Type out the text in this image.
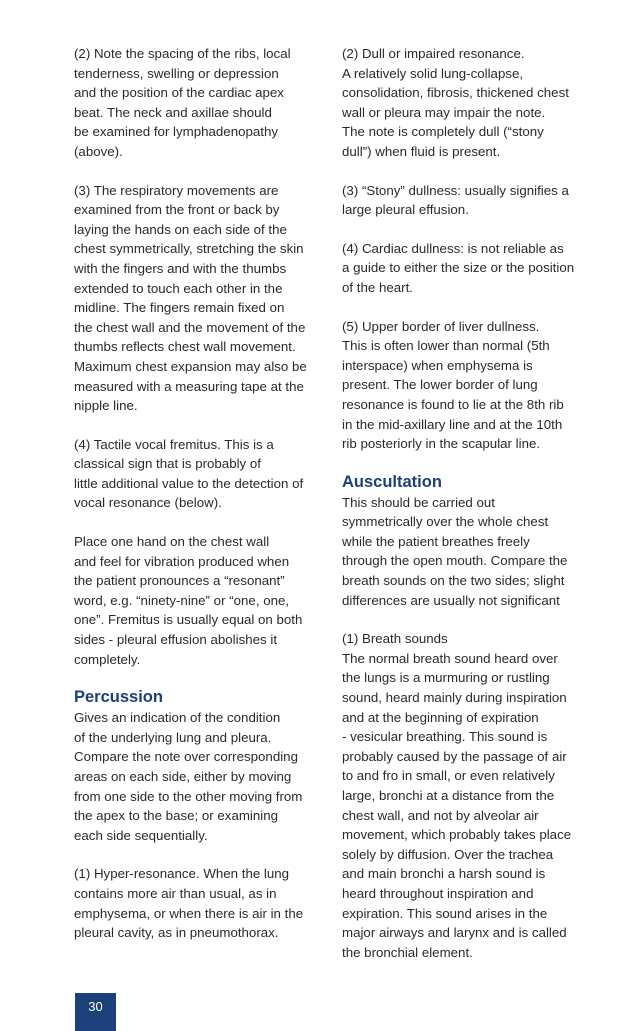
(2) Note the spacing of the ribs, local
tenderness, swelling or depression
and the position of the cardiac apex
beat. The neck and axillae should
be examined for lymphadenopathy
(above).
(3) The respiratory movements are
examined from the front or back by
laying the hands on each side of the
chest symmetrically, stretching the skin
with the fingers and with the thumbs
extended to touch each other in the
midline. The fingers remain fixed on
the chest wall and the movement of the
thumbs reflects chest wall movement.
Maximum chest expansion may also be
measured with a measuring tape at the
nipple line.
(4) Tactile vocal fremitus. This is a
classical sign that is probably of
little additional value to the detection of
vocal resonance (below).
Place one hand on the chest wall
and feel for vibration produced when
the patient pronounces a “resonant”
word, e.g. “ninety-nine” or “one, one,
one”. Fremitus is usually equal on both
sides - pleural effusion abolishes it
completely.
Percussion
Gives an indication of the condition
of the underlying lung and pleura.
Compare the note over corresponding
areas on each side, either by moving
from one side to the other moving from
the apex to the base; or examining
each side sequentially.
(1) Hyper-resonance. When the lung
contains more air than usual, as in
emphysema, or when there is air in the
pleural cavity, as in pneumothorax.
(2) Dull or impaired resonance.
A relatively solid lung-collapse,
consolidation, fibrosis, thickened chest
wall or pleura may impair the note.
The note is completely dull (“stony
dull”) when fluid is present.
(3) “Stony” dullness: usually signifies a
large pleural effusion.
(4) Cardiac dullness: is not reliable as
a guide to either the size or the position
of the heart.
(5) Upper border of liver dullness.
This is often lower than normal (5th
interspace) when emphysema is
present. The lower border of lung
resonance is found to lie at the 8th rib
in the mid-axillary line and at the 10th
rib posteriorly in the scapular line.
Auscultation
This should be carried out
symmetrically over the whole chest
while the patient breathes freely
through the open mouth. Compare the
breath sounds on the two sides; slight
differences are usually not significant
(1) Breath sounds
The normal breath sound heard over
the lungs is a murmuring or rustling
sound, heard mainly during inspiration
and at the beginning of expiration
- vesicular breathing. This sound is
probably caused by the passage of air
to and fro in small, or even relatively
large, bronchi at a distance from the
chest wall, and not by alveolar air
movement, which probably takes place
solely by diffusion. Over the trachea
and main bronchi a harsh sound is
heard throughout inspiration and
expiration. This sound arises in the
major airways and larynx and is called
the bronchial element.
30
